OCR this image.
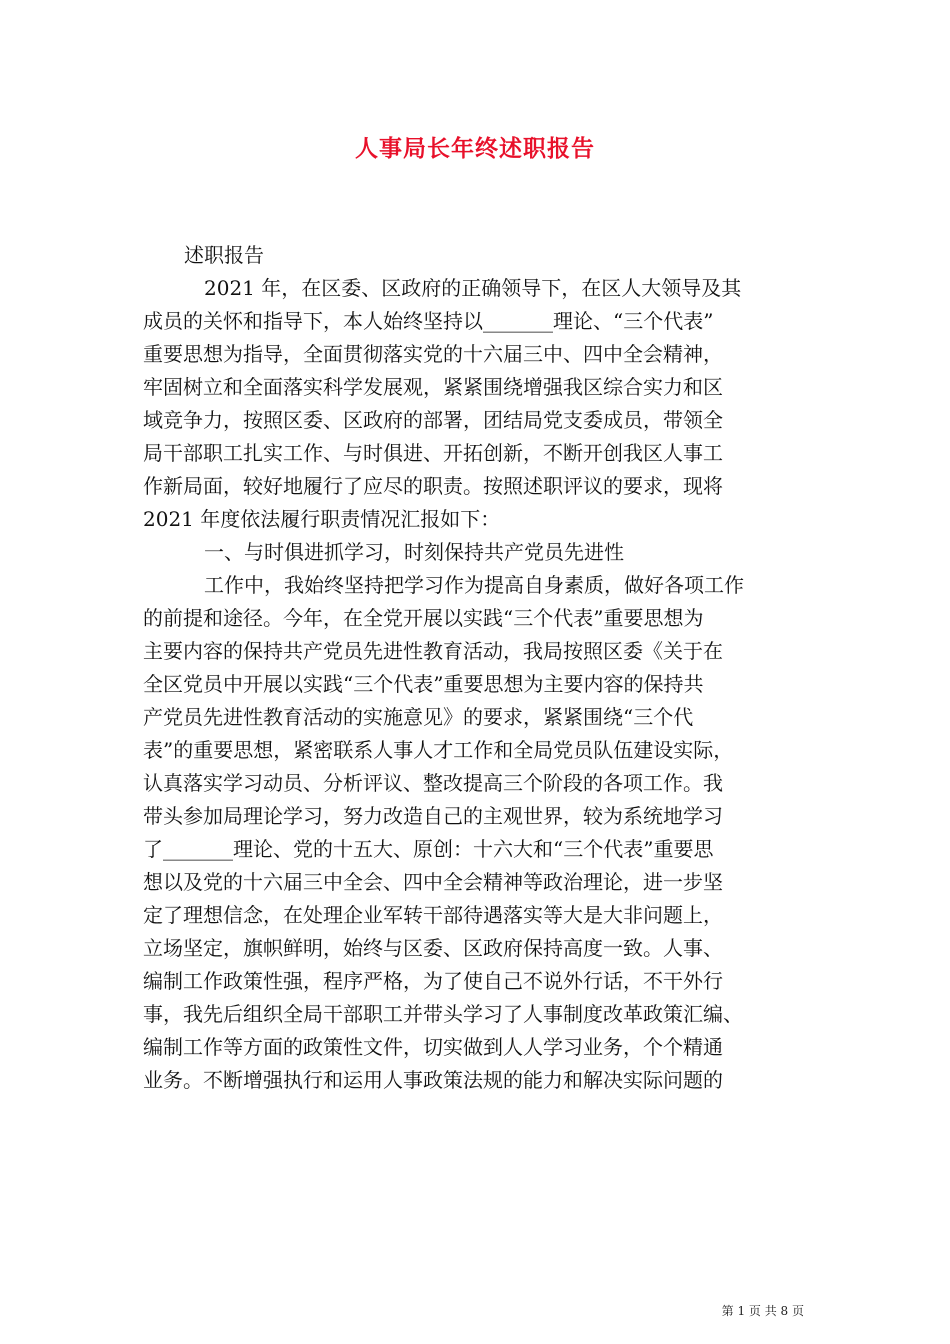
人事局长年终述职报告
述职报告
2021 年，在区委、区政府的正确领导下，在区人大领导及其
成员的关怀和指导下，本人始终坚持以_______理论、“三个代表”
重要思想为指导，全面贯彻落实党的十六届三中、四中全会精神，
牢固树立和全面落实科学发展观，紧紧围绕增强我区综合实力和区
域竞争力，按照区委、区政府的部署，团结局党支委成员，带领全
局干部职工扎实工作、与时俱进、开拓创新，不断开创我区人事工
作新局面，较好地履行了应尽的职责。按照述职评议的要求，现将
2021 年度依法履行职责情况汇报如下：
一、与时俱进抓学习，时刻保持共产党员先进性
工作中，我始终坚持把学习作为提高自身素质，做好各项工作
的前提和途径。今年，在全党开展以实践“三个代表”重要思想为
主要内容的保持共产党员先进性教育活动，我局按照区委《关于在
全区党员中开展以实践“三个代表”重要思想为主要内容的保持共
产党员先进性教育活动的实施意见》的要求，紧紧围绕“三个代
表”的重要思想，紧密联系人事人才工作和全局党员队伍建设实际，
认真落实学习动员、分析评议、整改提高三个阶段的各项工作。我
带头参加局理论学习，努力改造自己的主观世界，较为系统地学习
了_______理论、党的十五大、原创：十六大和“三个代表”重要思
想以及党的十六届三中全会、四中全会精神等政治理论，进一步坚
定了理想信念，在处理企业军转干部待遇落实等大是大非问题上，
立场坚定，旗帜鲜明，始终与区委、区政府保持高度一致。人事、
编制工作政策性强，程序严格，为了使自己不说外行话，不干外行
事，我先后组织全局干部职工并带头学习了人事制度改革政策汇编、
编制工作等方面的政策性文件，切实做到人人学习业务，个个精通
业务。不断增强执行和运用人事政策法规的能力和解决实际问题的
第 1 页 共 8 页
